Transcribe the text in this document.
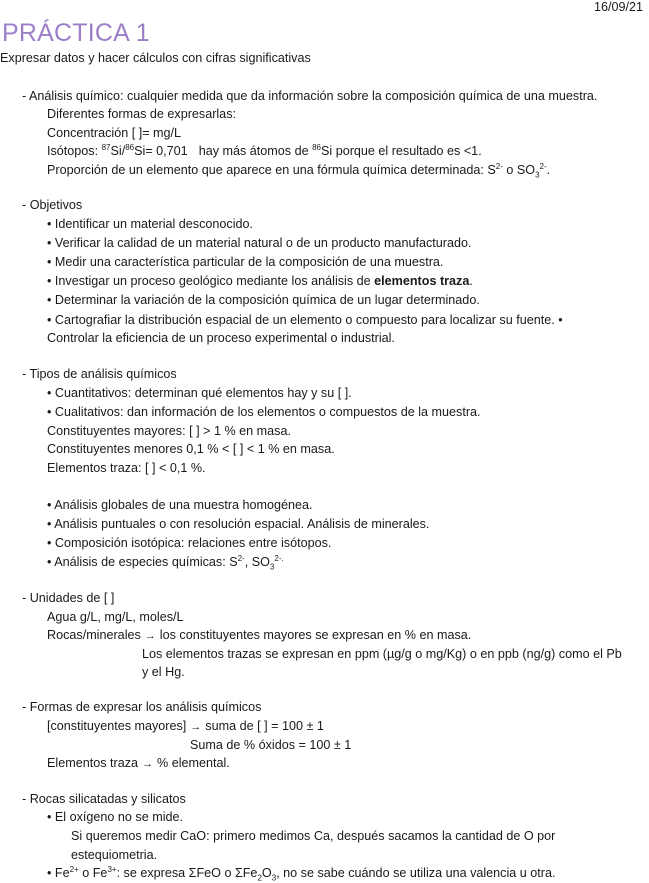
16/09/21
PRÁCTICA 1
Expresar datos y hacer cálculos con cifras significativas
- Análisis químico: cualquier medida que da información sobre la composición química de una muestra.
Diferentes formas de expresarlas:
Concentración [ ]= mg/L
Isótopos: $^{87}$Si/$^{86}$Si= 0,701 hay más átomos de $^{86}$Si porque el resultado es <1.
Proporción de un elemento que aparece en una fórmula química determinada: $S^{2-}$ o $SO_3^{2-}$.
- Objetivos
• Identificar un material desconocido.
• Verificar la calidad de un material natural o de un producto manufacturado.
• Medir una característica particular de la composición de una muestra.
• Investigar un proceso geológico mediante los análisis de elementos traza.
• Determinar la variación de la composición química de un lugar determinado.
• Cartografiar la distribución espacial de un elemento o compuesto para localizar su fuente. •
Controlar la eficiencia de un proceso experimental o industrial.
- Tipos de análisis químicos
• Cuantitativos: determinan qué elementos hay y su [ ].
• Cualitativos: dan información de los elementos o compuestos de la muestra.
Constituyentes mayores: [ ] > 1 % en masa.
Constituyentes menores 0,1 % < [ ] < 1 % en masa.
Elementos traza: [ ] < 0,1 %.
• Análisis globales de una muestra homogénea.
• Análisis puntuales o con resolución espacial. Análisis de minerales.
• Composición isotópica: relaciones entre isótopos.
• Análisis de especies químicas: $S^{2-}$, $SO_3^{2-.}$
- Unidades de [ ]
Agua g/L, mg/L, moles/L
Rocas/minerales → los constituyentes mayores se expresan en % en masa.
Los elementos trazas se expresan en ppm (µg/g o mg/Kg) o en ppb (ng/g) como el Pb
y el Hg.
- Formas de expresar los análisis químicos
[constituyentes mayores] → suma de [ ] = 100 ± 1
Suma de % óxidos = 100 ± 1
Elementos traza → % elemental.
- Rocas silicatadas y silicatos
• El oxígeno no se mide.
Si queremos medir CaO: primero medimos Ca, después sacamos la cantidad de O por
estequiometria.
• $Fe^{2+}$ o $Fe^{3+}$: se expresa ΣFeO o $\Sigma Fe_2O_3$, no se sabe cuándo se utiliza una valencia u otra.
